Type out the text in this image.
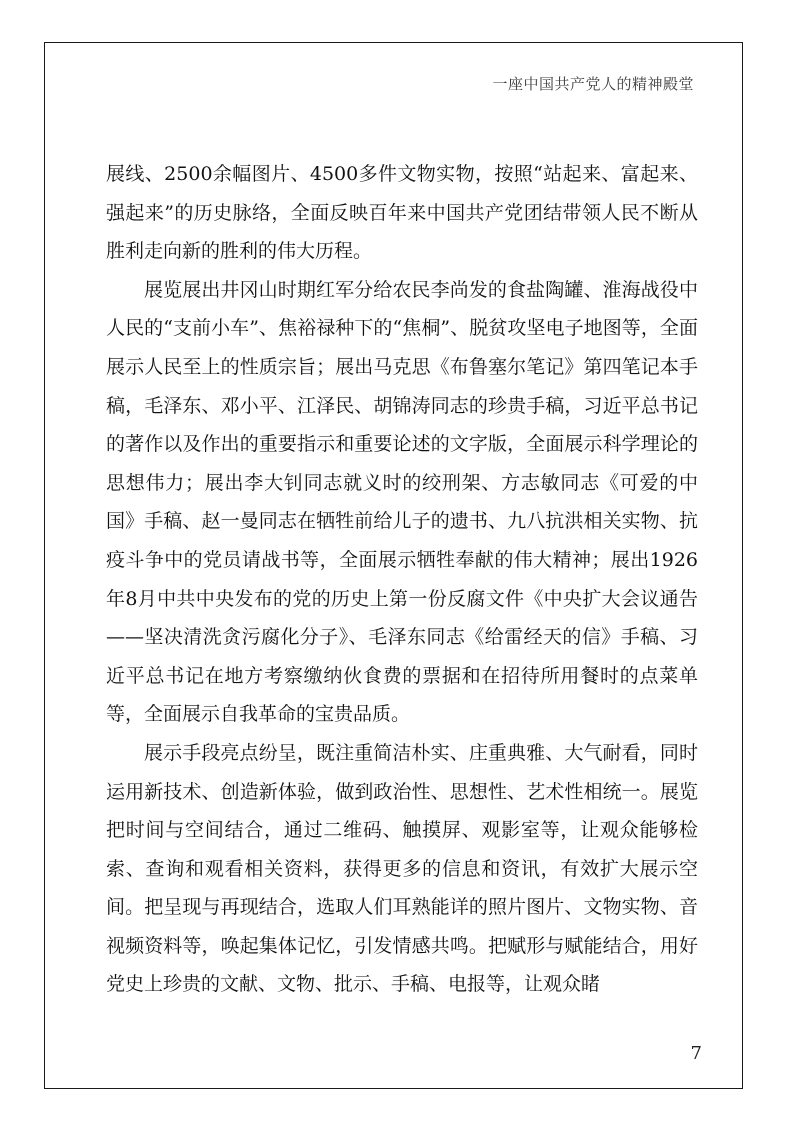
一座中国共产党人的精神殿堂

展线、2500余幅图片、4500多件文物实物，按照“站起来、富起来、强起来”的历史脉络，全面反映百年来中国共产党团结带领人民不断从胜利走向新的胜利的伟大历程。

展览展出井冈山时期红军分给农民李尚发的食盐陶罐、淮海战役中人民的“支前小车”、焦裕禄种下的“焦桐”、脱贫攻坚电子地图等，全面展示人民至上的性质宗旨；展出马克思《布鲁塞尔笔记》第四笔记本手稿，毛泽东、邓小平、江泽民、胡锦涛同志的珍贵手稿，习近平总书记的著作以及作出的重要指示和重要论述的文字版，全面展示科学理论的思想伟力；展出李大钊同志就义时的绞刑架、方志敏同志《可爱的中国》手稿、赵一曼同志在牺牲前给儿子的遗书、九八抗洪相关实物、抗疫斗争中的党员请战书等，全面展示牺牲奉献的伟大精神；展出1926年8月中共中央发布的党的历史上第一份反腐文件《中央扩大会议通告——坚决清洗贪污腐化分子》、毛泽东同志《给雷经天的信》手稿、习近平总书记在地方考察缴纳伙食费的票据和在招待所用餐时的点菜单等，全面展示自我革命的宝贵品质。

展示手段亮点纷呈，既注重简洁朴实、庄重典雅、大气耐看，同时运用新技术、创造新体验，做到政治性、思想性、艺术性相统一。展览把时间与空间结合，通过二维码、触摸屏、观影室等，让观众能够检索、查询和观看相关资料，获得更多的信息和资讯，有效扩大展示空间。把呈现与再现结合，选取人们耳熟能详的照片图片、文物实物、音视频资料等，唤起集体记忆，引发情感共鸣。把赋形与赋能结合，用好党史上珍贵的文献、文物、批示、手稿、电报等，让观众睹

7
